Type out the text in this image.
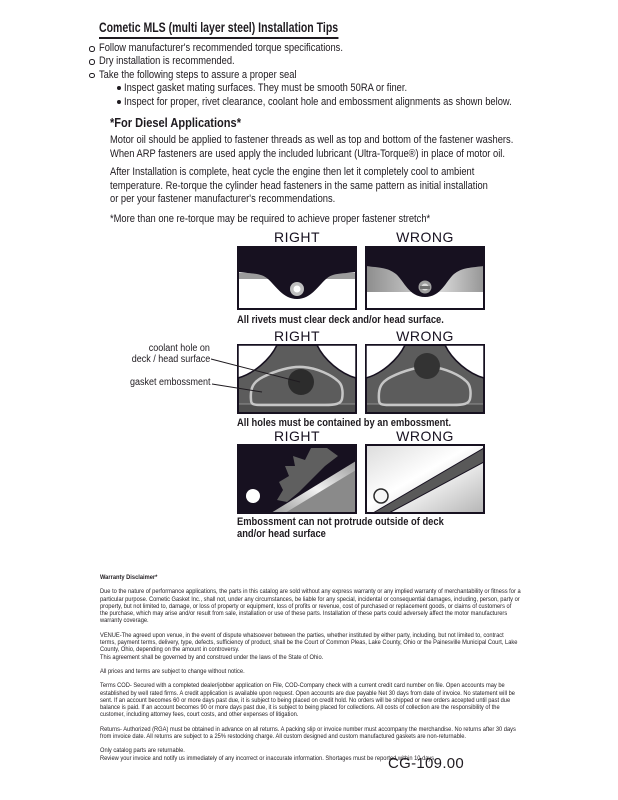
Cometic MLS (multi layer steel) Installation Tips
Follow manufacturer's recommended torque specifications.
Dry installation is recommended.
Take the following steps to assure a proper seal
Inspect gasket mating surfaces. They must be smooth 50RA or finer.
Inspect for proper, rivet clearance, coolant hole and embossment alignments as shown below.
*For Diesel Applications*
Motor oil should be applied to fastener threads as well as top and bottom of the fastener washers.
When ARP fasteners are used apply the included lubricant (Ultra-Torque®) in place of motor oil.
After Installation is complete, heat cycle the engine then let it completely cool to ambient
temperature. Re-torque the cylinder head fasteners in the same pattern as initial installation
or per your fastener manufacturer's recommendations.
*More than one re-torque may be required to achieve proper fastener stretch*
RIGHT	WRONG
All rivets must clear deck and/or head surface.
RIGHT	WRONG
coolant hole on
deck / head surface
gasket embossment
All holes must be contained by an embossment.
RIGHT	WRONG
Embossment can not protrude outside of deck
and/or head surface

Warranty Disclaimer*

Due to the nature of performance applications, the parts in this catalog are sold without any express warranty or any implied warranty of merchantability or fitness for a particular purpose. Cometic Gasket Inc., shall not, under any circumstances, be liable for any special, incidental or consequential damages, including, person, party or property, but not limited to, damage, or loss of property or equipment, loss of profits or revenue, cost of purchased or replacement goods, or claims of customers of the purchase, which may arise and/or result from sale, installation or use of these parts. Installation of these parts could adversely affect the motor manufacturers warranty coverage.

VENUE-The agreed upon venue, in the event of dispute whatsoever between the parties, whether instituted by either party, including, but not limited to, contract terms, payment terms, delivery, type, defects, sufficiency of product, shall be the Court of Common Pleas, Lake County, Ohio or the Painesville Municipal Court, Lake County, Ohio, depending on the amount in controversy.

This agreement shall be governed by and construed under the laws of the State of Ohio.

All prices and terms are subject to change without notice.

Terms COD- Secured with a completed dealer/jobber application on File, COD-Company check with a current credit card number on file. Open accounts may be established by well rated firms. A credit application is available upon request. Open accounts are due payable Net 30 days from date of invoice. No statement will be sent. If an account becomes 60 or more days past due, it is subject to being placed on credit hold. No orders will be shipped or new orders accepted until past due balance is paid. If an account becomes 90 or more days past due, it is subject to being placed for collections. All costs of collection are the responsibility of the customer, including attorney fees, court costs, and other expenses of litigation.

Returns- Authorized (RGA) must be obtained in advance on all returns. A packing slip or invoice number must accompany the merchandise. No returns after 30 days from invoice date. All returns are subject to a 25% restocking charge. All custom designed and custom manufactured gaskets are non-returnable.

Only catalog parts are returnable.

Review your invoice and notify us immediately of any incorrect or inaccurate information. Shortages must be reported within 10 days.

CG-109.00
